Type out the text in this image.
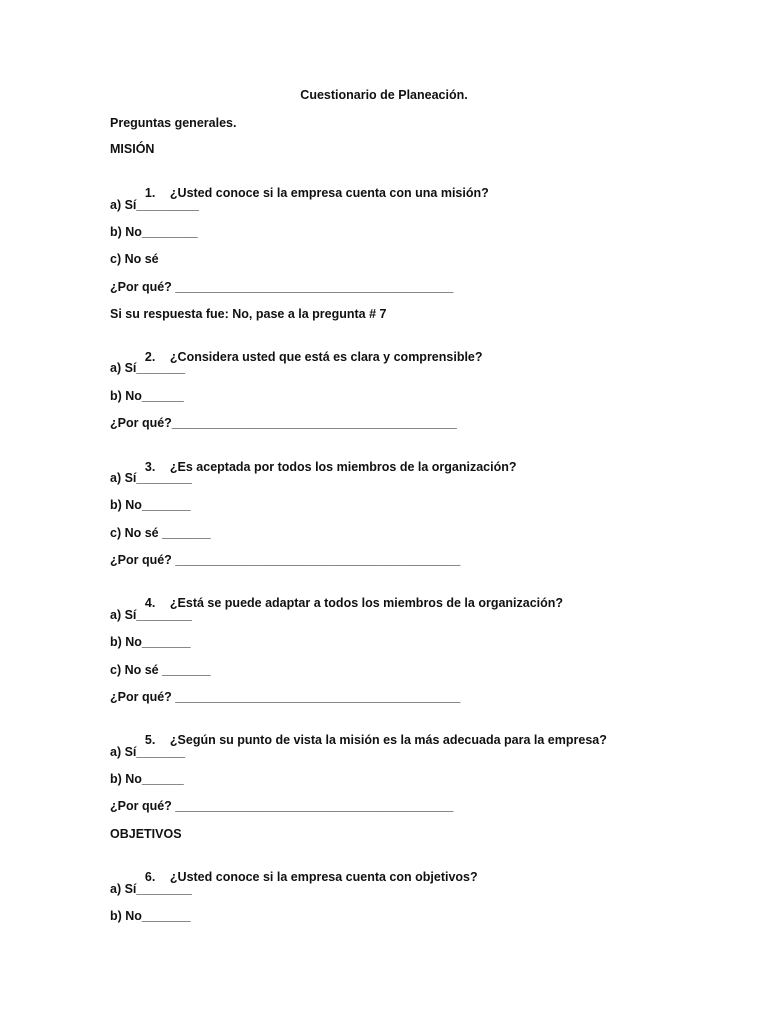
Cuestionario de Planeación.
Preguntas generales.
MISIÓN

1. ¿Usted conoce si la empresa cuenta con una misión?

a) Sí_________
b) No________
c) No sé
¿Por qué? ________________________________________
Si su respuesta fue: No, pase a la pregunta # 7

2. ¿Considera usted que está es clara y comprensible?

a) Sí_______
b) No______
¿Por qué?_________________________________________

3. ¿Es aceptada por todos los miembros de la organización?

a) Sí________
b) No_______
c) No sé _______
¿Por qué? _________________________________________

4. ¿Está se puede adaptar a todos los miembros de la organización?

a) Sí________
b) No_______
c) No sé _______
¿Por qué? _________________________________________

5. ¿Según su punto de vista la misión es la más adecuada para la empresa?

a) Sí_______
b) No______
¿Por qué? ________________________________________
OBJETIVOS

6. ¿Usted conoce si la empresa cuenta con objetivos?

a) Sí________
b) No_______
